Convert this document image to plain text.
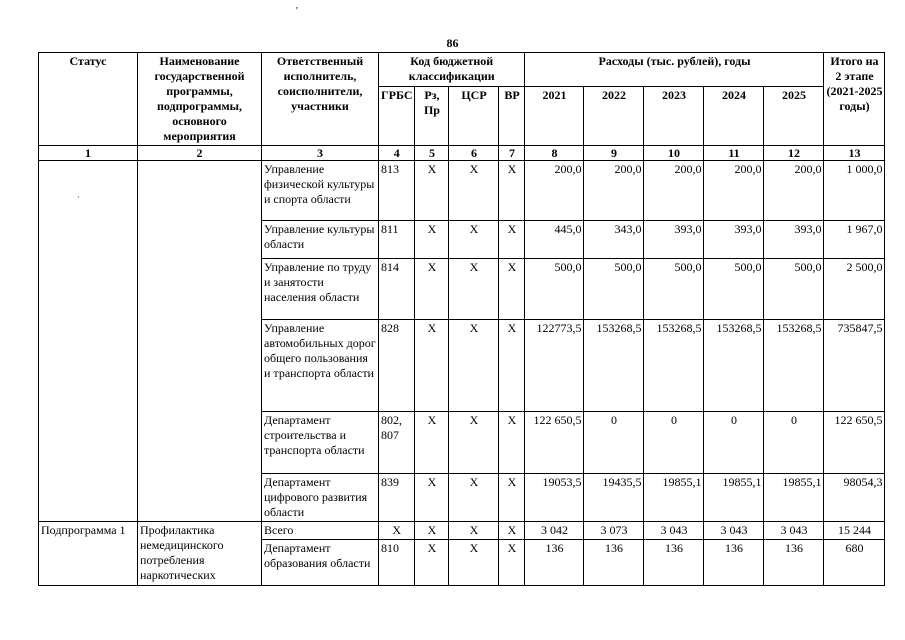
'
·
86
Статус	Наименование государственной программы, подпрограммы, основного мероприятия	Ответственный исполнитель, соисполнители, участники	Код бюджетной классификации				Расходы (тыс. рублей), годы					Итого на 2 этапе (2021-2025 годы)
			ГРБС	Рз, Пр	ЦСР	ВР	2021	2022	2023	2024	2025	
1	2	3	4	5	6	7	8	9	10	11	12	13
		Управление физической культуры и спорта области	813	Х	Х	Х	200,0	200,0	200,0	200,0	200,0	1 000,0
		Управление культуры области	811	Х	Х	Х	445,0	343,0	393,0	393,0	393,0	1 967,0
		Управление по труду и занятости населения области	814	Х	Х	Х	500,0	500,0	500,0	500,0	500,0	2 500,0
		Управление автомобильных дорог общего пользования и транспорта области	828	Х	Х	Х	122773,5	153268,5	153268,5	153268,5	153268,5	735847,5
		Департамент строительства и транспорта области	802, 807	Х	Х	Х	122 650,5	0	0	0	0	122 650,5
		Департамент цифрового развития области	839	Х	Х	Х	19053,5	19435,5	19855,1	19855,1	19855,1	98054,3
Подпрограмма 1	Профилактика немедицинского потребления наркотических	Всего	Х	Х	Х	Х	3 042	3 073	3 043	3 043	3 043	15 244
		Департамент образования области	810	Х	Х	Х	136	136	136	136	136	680
